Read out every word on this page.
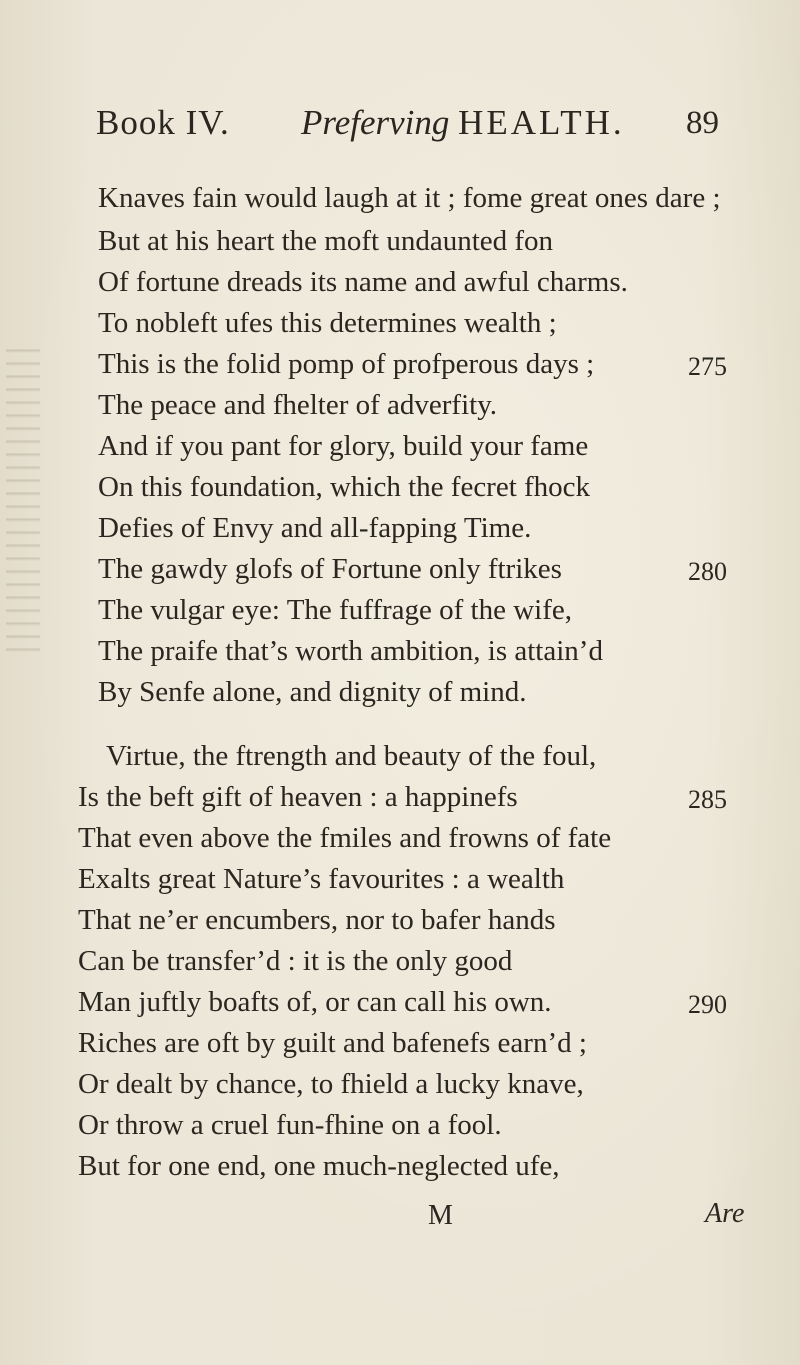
Book IV. Preferving HEALTH. 89
Knaves fain would laugh at it ; fome great ones dare ;
But at his heart the moft undaunted fon
Of fortune dreads its name and awful charms.
To nobleft ufes this determines wealth ;
This is the folid pomp of profperous days ;
The peace and fhelter of adverfity.
And if you pant for glory, build your fame
On this foundation, which the fecret fhock
Defies of Envy and all-fapping Time.
The gawdy glofs of Fortune only ftrikes
The vulgar eye: The fuffrage of the wife,
The praife that’s worth ambition, is attain’d
By Senfe alone, and dignity of mind.
Virtue, the ftrength and beauty of the foul,
Is the beft gift of heaven : a happinefs
That even above the fmiles and frowns of fate
Exalts great Nature’s favourites : a wealth
That ne’er encumbers, nor to bafer hands
Can be transfer’d : it is the only good
Man juftly boafts of, or can call his own.
Riches are oft by guilt and bafenefs earn’d ;
Or dealt by chance, to fhield a lucky knave,
Or throw a cruel fun-fhine on a fool.
But for one end, one much-neglected ufe,
275
280
285
290
M	Are
